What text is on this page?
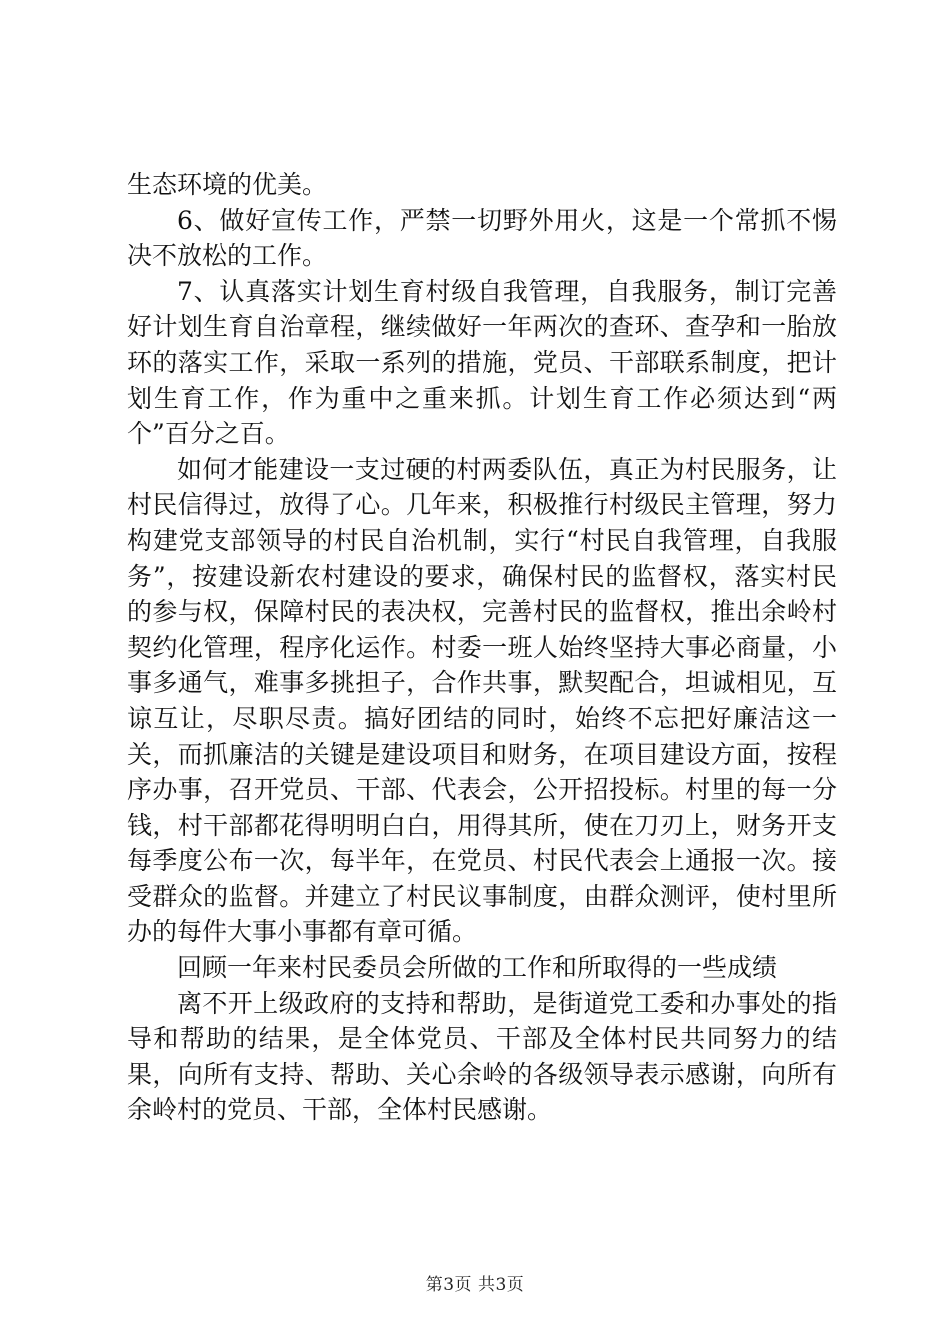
生态环境的优美。

6、做好宣传工作，严禁一切野外用火，这是一个常抓不惕决不放松的工作。

7、认真落实计划生育村级自我管理，自我服务，制订完善好计划生育自治章程，继续做好一年两次的查环、查孕和一胎放环的落实工作，采取一系列的措施，党员、干部联系制度，把计划生育工作，作为重中之重来抓。计划生育工作必须达到“两个”百分之百。

如何才能建设一支过硬的村两委队伍，真正为村民服务，让村民信得过，放得了心。几年来，积极推行村级民主管理，努力构建党支部领导的村民自治机制，实行“村民自我管理，自我服务”，按建设新农村建设的要求，确保村民的监督权，落实村民的参与权，保障村民的表决权，完善村民的监督权，推出余岭村契约化管理，程序化运作。村委一班人始终坚持大事必商量，小事多通气，难事多挑担子，合作共事，默契配合，坦诚相见，互谅互让，尽职尽责。搞好团结的同时，始终不忘把好廉洁这一关，而抓廉洁的关键是建设项目和财务，在项目建设方面，按程序办事，召开党员、干部、代表会，公开招投标。村里的每一分钱，村干部都花得明明白白，用得其所，使在刀刃上，财务开支每季度公布一次，每半年，在党员、村民代表会上通报一次。接受群众的监督。并建立了村民议事制度，由群众测评，使村里所办的每件大事小事都有章可循。

回顾一年来村民委员会所做的工作和所取得的一些成绩

离不开上级政府的支持和帮助，是街道党工委和办事处的指导和帮助的结果，是全体党员、干部及全体村民共同努力的结果，向所有支持、帮助、关心余岭的各级领导表示感谢，向所有余岭村的党员、干部，全体村民感谢。

第3页 共3页
